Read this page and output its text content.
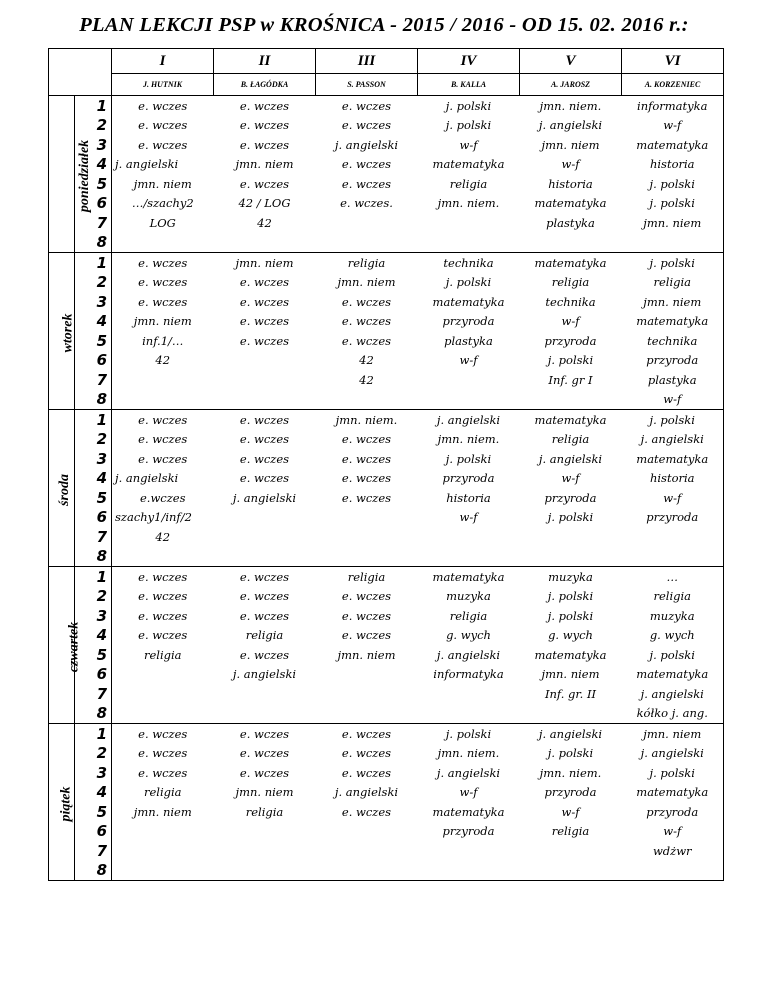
PLAN LEKCJI PSP w KROŚNICA - 2015 / 2016 - OD 15. 02. 2016 r.:
		I	II	III	IV	V	VI
		J. HUTNIK	B. ŁAGÓDKA	S. PASSON	B. KALLA	A. JAROSZ	A. KORZENIEC
poniedziałek	1	e. wczes	e. wczes	e. wczes	j. polski	jmn. niem.	informatyka
	2	e. wczes	e. wczes	e. wczes	j. polski	j. angielski	w-f
	3	e. wczes	e. wczes	j. angielski	w-f	jmn. niem	matematyka
	4	j. angielski	jmn. niem	e. wczes	matematyka	w-f	historia
	5	jmn. niem	e. wczes	e. wczes	religia	historia	j. polski
	6	…/szachy2	42 / LOG	e. wczes.	jmn. niem.	matematyka	j. polski
	7	LOG	42			plastyka	jmn. niem
	8						
wtorek	1	e. wczes	jmn. niem	religia	technika	matematyka	j. polski
	2	e. wczes	e. wczes	jmn. niem	j. polski	religia	religia
	3	e. wczes	e. wczes	e. wczes	matematyka	technika	jmn. niem
	4	jmn. niem	e. wczes	e. wczes	przyroda	w-f	matematyka
	5	inf.1/…	e. wczes	e. wczes	plastyka	przyroda	technika
	6	42		42	w-f	j. polski	przyroda
	7			42		Inf. gr I	plastyka
	8						w-f
środa	1	e. wczes	e. wczes	jmn. niem.	j. angielski	matematyka	j. polski
	2	e. wczes	e. wczes	e. wczes	jmn. niem.	religia	j. angielski
	3	e. wczes	e. wczes	e. wczes	j. polski	j. angielski	matematyka
	4	j. angielski	e. wczes	e. wczes	przyroda	w-f	historia
	5	e.wczes	j. angielski	e. wczes	historia	przyroda	w-f
	6	szachy1/inf/2			w-f	j. polski	przyroda
	7	42					
	8						
czwartek	1	e. wczes	e. wczes	religia	matematyka	muzyka	…
	2	e. wczes	e. wczes	e. wczes	muzyka	j. polski	religia
	3	e. wczes	e. wczes	e. wczes	religia	j. polski	muzyka
	4	e. wczes	religia	e. wczes	g. wych	g. wych	g. wych
	5	religia	e. wczes	jmn. niem	j. angielski	matematyka	j. polski
	6		j. angielski		informatyka	jmn. niem	matematyka
	7					Inf. gr. II	j. angielski
	8						kółko j. ang.
piątek	1	e. wczes	e. wczes	e. wczes	j. polski	j. angielski	jmn. niem
	2	e. wczes	e. wczes	e. wczes	jmn. niem.	j. polski	j. angielski
	3	e. wczes	e. wczes	e. wczes	j. angielski	jmn. niem.	j. polski
	4	religia	jmn. niem	j. angielski	w-f	przyroda	matematyka
	5	jmn. niem	religia	e. wczes	matematyka	w-f	przyroda
	6				przyroda	religia	w-f
	7						wdżwr
	8						
